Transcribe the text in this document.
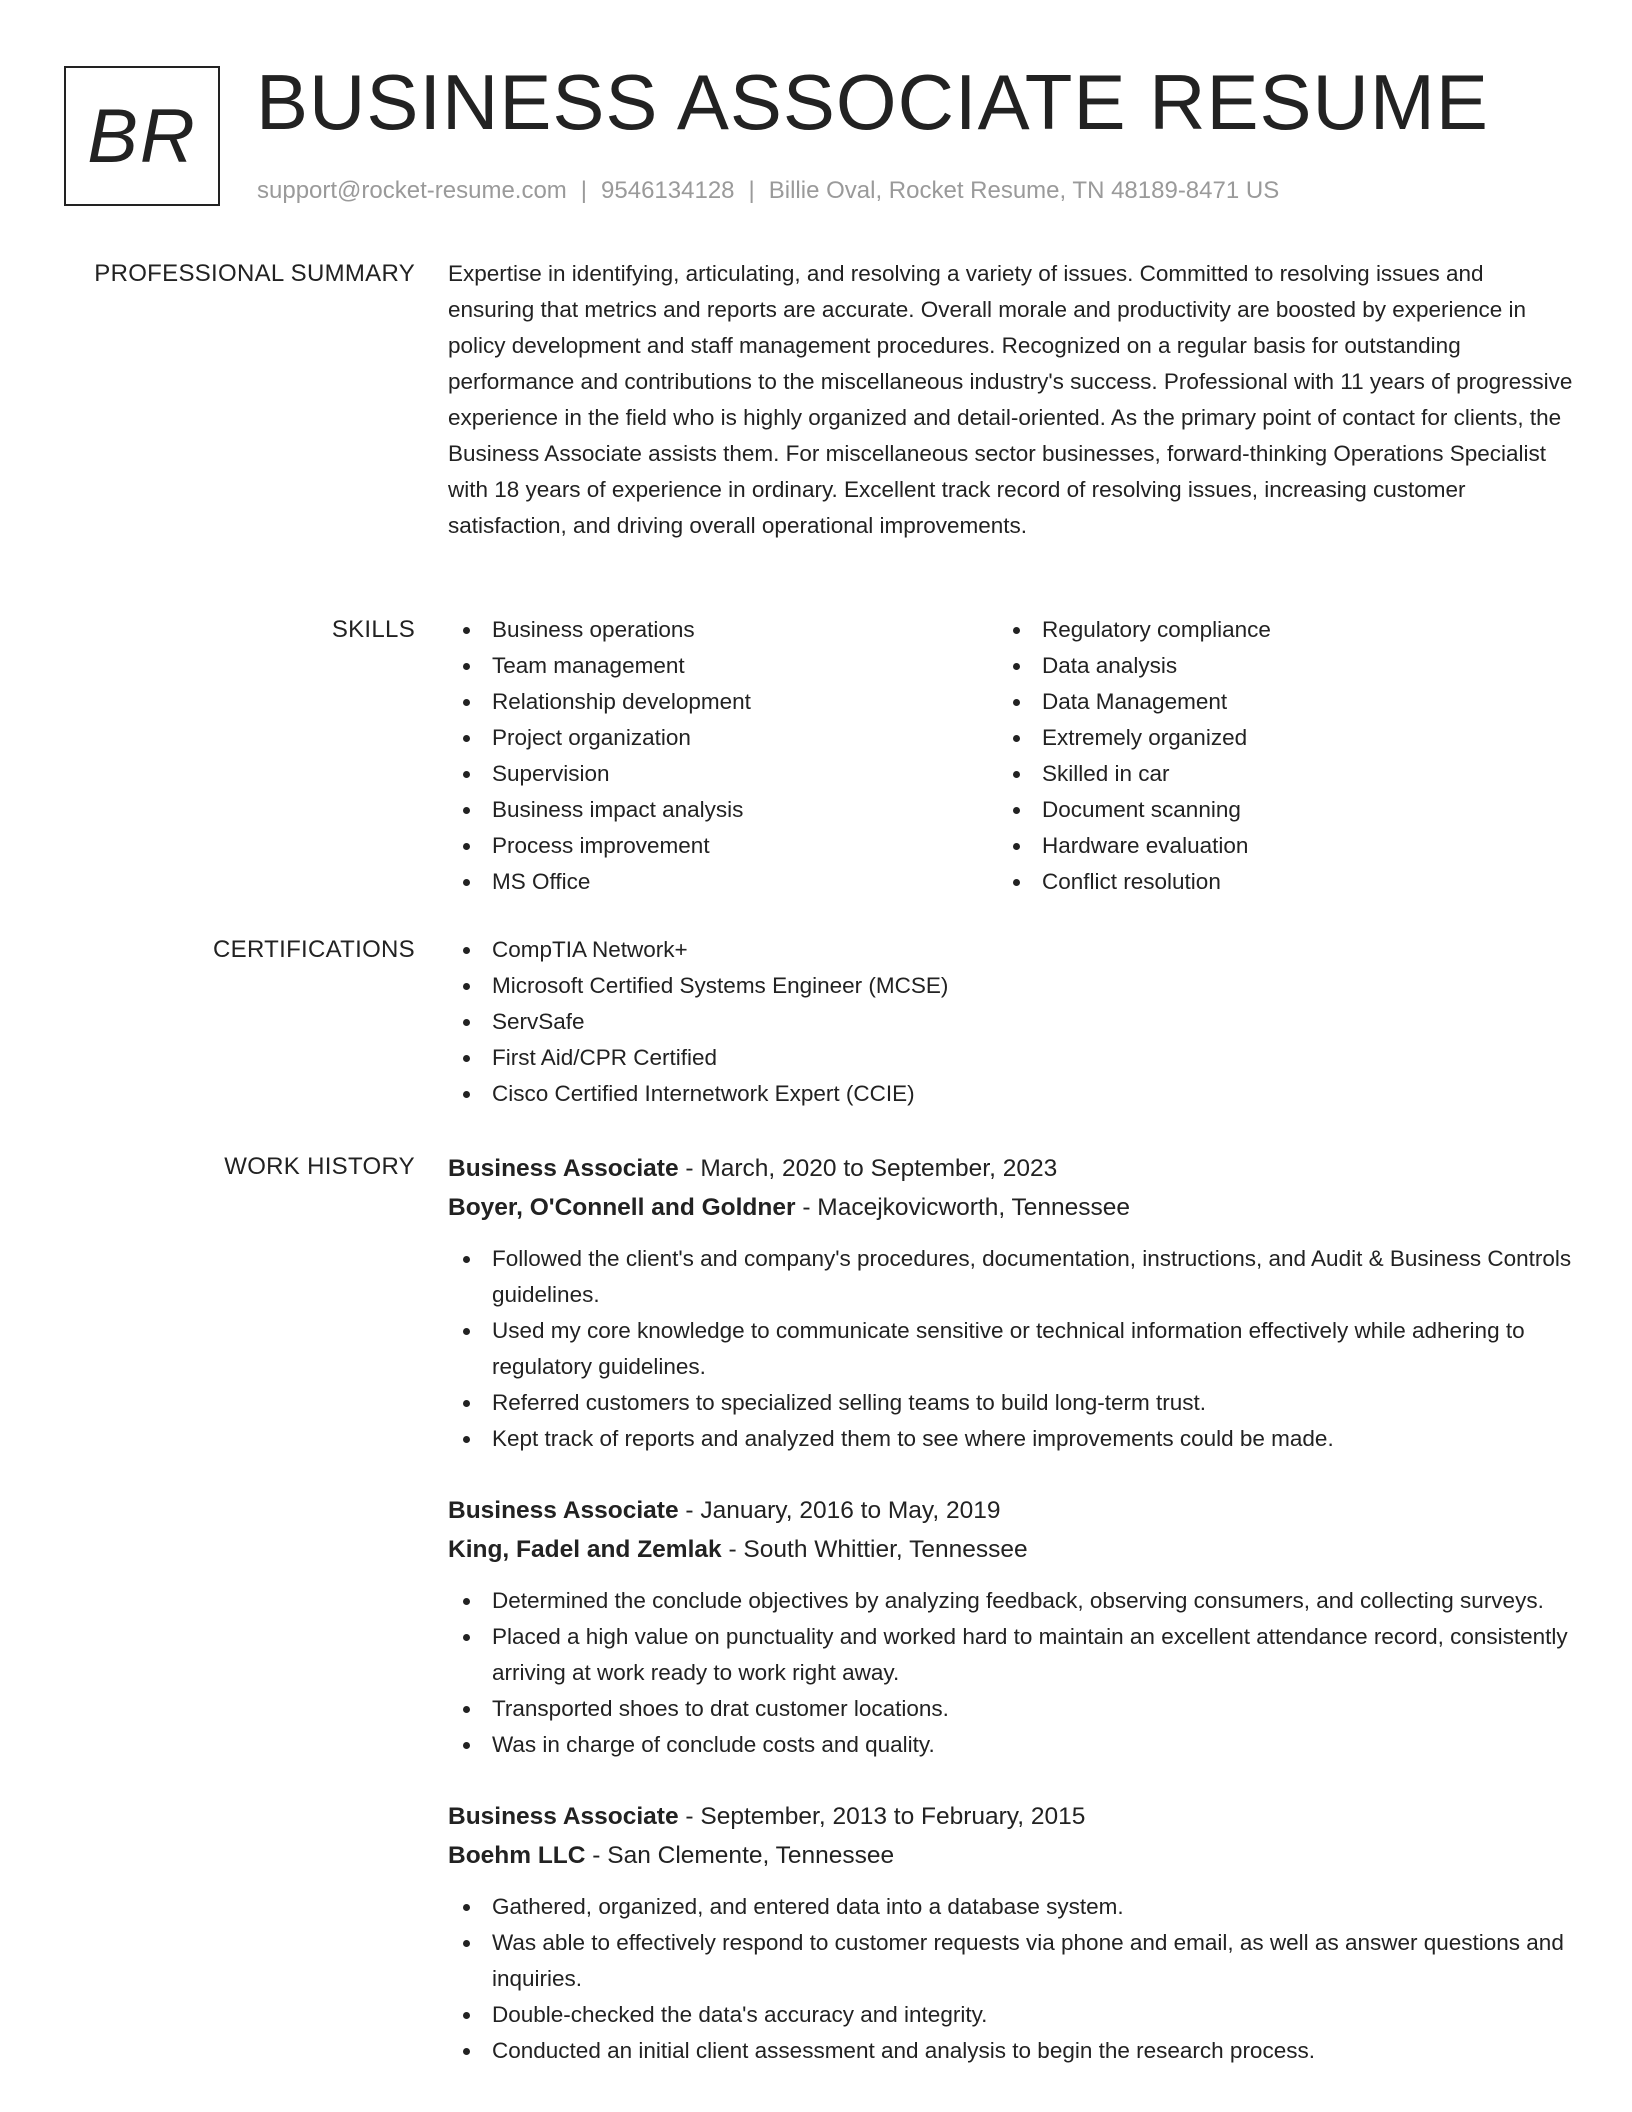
BR BUSINESS ASSOCIATE RESUME
support@rocket-resume.com | 9546134128 | Billie Oval, Rocket Resume, TN 48189-8471 US
PROFESSIONAL SUMMARY Expertise in identifying, articulating, and resolving a variety of issues. Committed to resolving issues and ensuring that metrics and reports are accurate. Overall morale and productivity are boosted by experience in policy development and staff management procedures. Recognized on a regular basis for outstanding performance and contributions to the miscellaneous industry's success. Professional with 11 years of progressive experience in the field who is highly organized and detail-oriented. As the primary point of contact for clients, the Business Associate assists them. For miscellaneous sector businesses, forward-thinking Operations Specialist with 18 years of experience in ordinary. Excellent track record of resolving issues, increasing customer satisfaction, and driving overall operational improvements.

SKILLS	Business operations
Team management
Relationship development
Project organization
Supervision
Business impact analysis
Process improvement
MS Office
Regulatory compliance
Data analysis
Data Management
Extremely organized
Skilled in car
Document scanning
Hardware evaluation
Conflict resolution
CERTIFICATIONS	CompTIA Network+
Microsoft Certified Systems Engineer (MCSE)
ServSafe
First Aid/CPR Certified
Cisco Certified Internetwork Expert (CCIE)
WORK HISTORY Business Associate - March, 2020 to September, 2023
Boyer, O'Connell and Goldner - Macejkovicworth, Tennessee
Followed the client's and company's procedures, documentation, instructions, and Audit & Business Controls guidelines.
Used my core knowledge to communicate sensitive or technical information effectively while adhering to regulatory guidelines.
Referred customers to specialized selling teams to build long-term trust.
Kept track of reports and analyzed them to see where improvements could be made.
Business Associate - January, 2016 to May, 2019
King, Fadel and Zemlak - South Whittier, Tennessee
Determined the conclude objectives by analyzing feedback, observing consumers, and collecting surveys.
Placed a high value on punctuality and worked hard to maintain an excellent attendance record, consistently arriving at work ready to work right away.
Transported shoes to drat customer locations.
Was in charge of conclude costs and quality.
Business Associate - September, 2013 to February, 2015
Boehm LLC - San Clemente, Tennessee
Gathered, organized, and entered data into a database system.
Was able to effectively respond to customer requests via phone and email, as well as answer questions and inquiries.
Double-checked the data's accuracy and integrity.
Conducted an initial client assessment and analysis to begin the research process.
